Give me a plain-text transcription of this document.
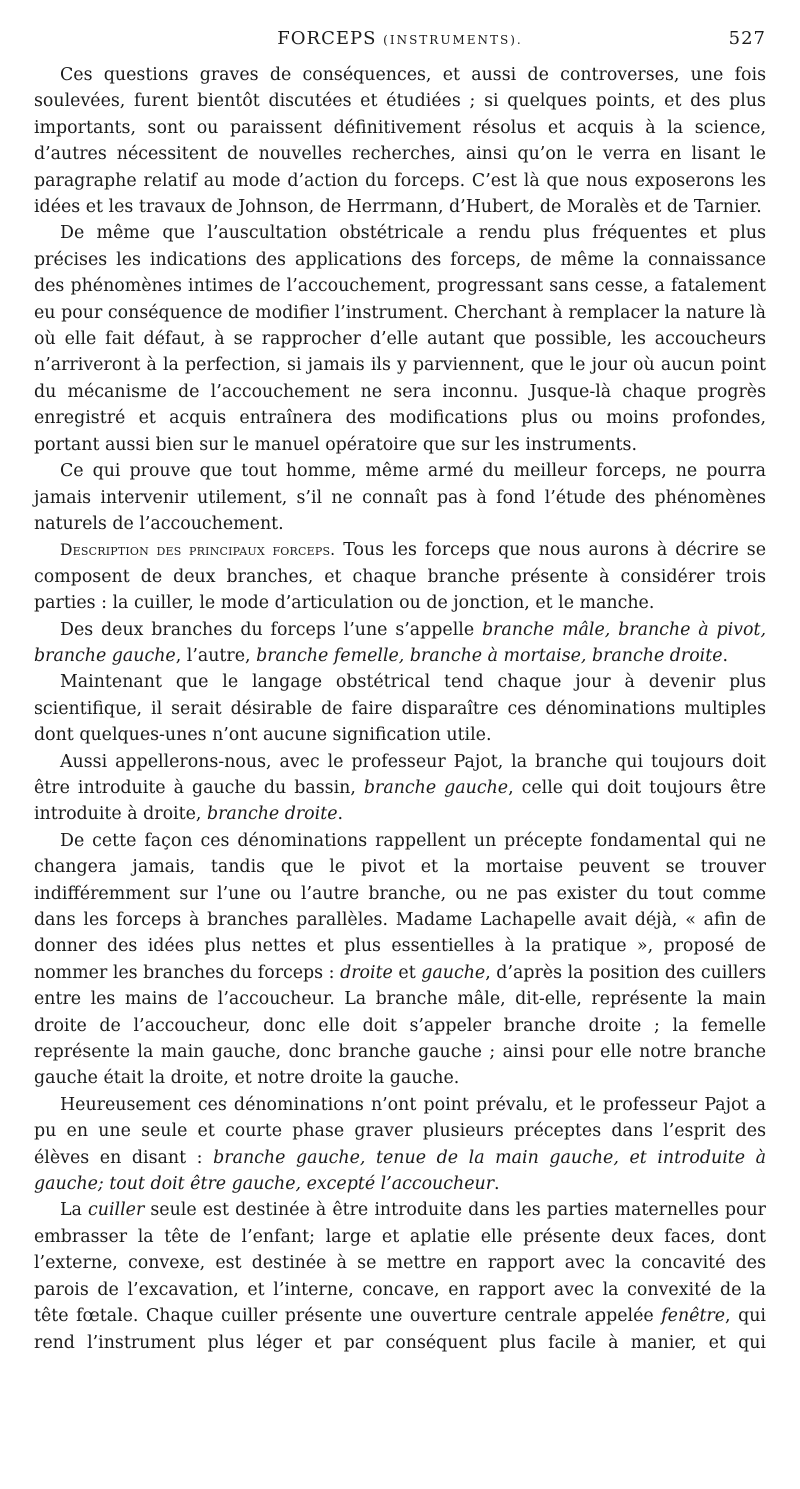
FORCEPS (INSTRUMENTS).	527

Ces questions graves de conséquences, et aussi de controverses, une fois soulevées, furent bientôt discutées et étudiées ; si quelques points, et des plus importants, sont ou paraissent définitivement résolus et acquis à la science, d’autres nécessitent de nouvelles recherches, ainsi qu’on le verra en lisant le paragraphe relatif au mode d’action du forceps. C’est là que nous exposerons les idées et les travaux de Johnson, de Herrmann, d’Hubert, de Moralès et de Tarnier.

De même que l’auscultation obstétricale a rendu plus fréquentes et plus précises les indications des applications des forceps, de même la connaissance des phénomènes intimes de l’accouchement, progressant sans cesse, a fatalement eu pour conséquence de modifier l’instrument. Cherchant à remplacer la nature là où elle fait défaut, à se rapprocher d’elle autant que possible, les accoucheurs n’arriveront à la perfection, si jamais ils y parviennent, que le jour où aucun point du mécanisme de l’accouchement ne sera inconnu. Jusque-là chaque progrès enregistré et acquis entraînera des modifications plus ou moins profondes, portant aussi bien sur le manuel opératoire que sur les instruments.

Ce qui prouve que tout homme, même armé du meilleur forceps, ne pourra jamais intervenir utilement, s’il ne connaît pas à fond l’étude des phénomènes naturels de l’accouchement.

Description des principaux forceps. Tous les forceps que nous aurons à décrire se composent de deux branches, et chaque branche présente à considérer trois parties : la cuiller, le mode d’articulation ou de jonction, et le manche.

Des deux branches du forceps l’une s’appelle branche mâle, branche à pivot, branche gauche, l’autre, branche femelle, branche à mortaise, branche droite.

Maintenant que le langage obstétrical tend chaque jour à devenir plus scientifique, il serait désirable de faire disparaître ces dénominations multiples dont quelques-unes n’ont aucune signification utile.

Aussi appellerons-nous, avec le professeur Pajot, la branche qui toujours doit être introduite à gauche du bassin, branche gauche, celle qui doit toujours être introduite à droite, branche droite.

De cette façon ces dénominations rappellent un précepte fondamental qui ne changera jamais, tandis que le pivot et la mortaise peuvent se trouver indifféremment sur l’une ou l’autre branche, ou ne pas exister du tout comme dans les forceps à branches parallèles. Madame Lachapelle avait déjà, « afin de donner des idées plus nettes et plus essentielles à la pratique », proposé de nommer les branches du forceps : droite et gauche, d’après la position des cuillers entre les mains de l’accoucheur. La branche mâle, dit-elle, représente la main droite de l’accoucheur, donc elle doit s’appeler branche droite ; la femelle représente la main gauche, donc branche gauche ; ainsi pour elle notre branche gauche était la droite, et notre droite la gauche.

Heureusement ces dénominations n’ont point prévalu, et le professeur Pajot a pu en une seule et courte phase graver plusieurs préceptes dans l’esprit des élèves en disant : branche gauche, tenue de la main gauche, et introduite à gauche; tout doit être gauche, excepté l’accoucheur.

La cuiller seule est destinée à être introduite dans les parties maternelles pour embrasser la tête de l’enfant; large et aplatie elle présente deux faces, dont l’externe, convexe, est destinée à se mettre en rapport avec la concavité des parois de l’excavation, et l’interne, concave, en rapport avec la convexité de la tête fœtale. Chaque cuiller présente une ouverture centrale appelée fenêtre, qui rend l’instrument plus léger et par conséquent plus facile à manier, et qui
